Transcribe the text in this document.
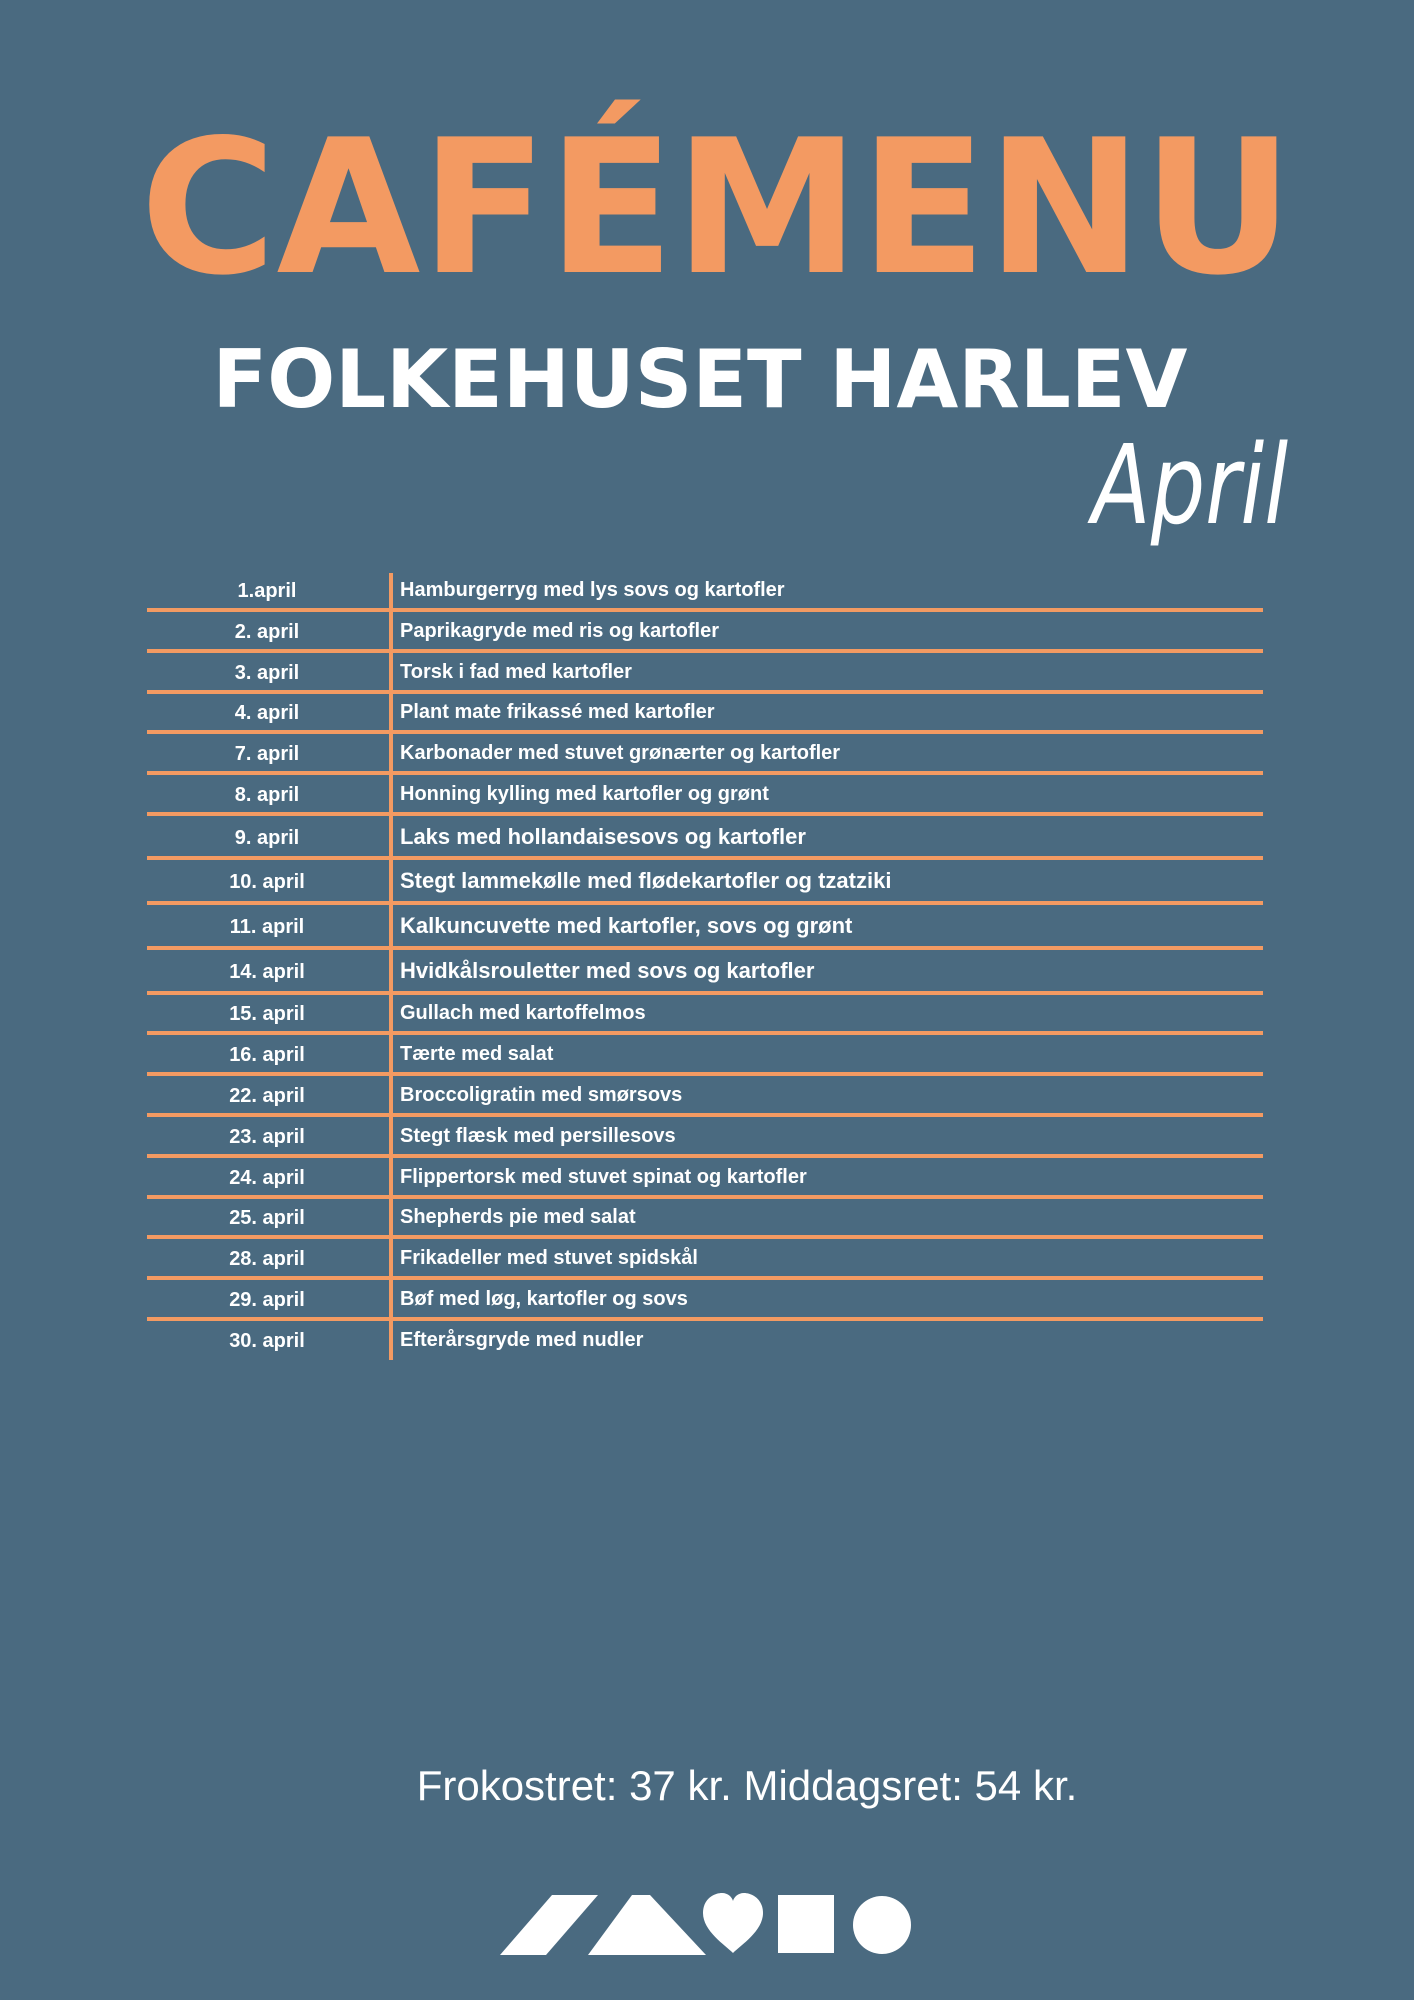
CAFÉMENU
FOLKEHUSET HARLEV
April
1.april	Hamburgerryg med lys sovs og kartofler
2. april	Paprikagryde med ris og kartofler
3. april	Torsk i fad med kartofler
4. april	Plant mate frikassé med kartofler
7. april	Karbonader med stuvet grønærter og kartofler
8. april	Honning kylling med kartofler og grønt
9. april	Laks med hollandaisesovs og kartofler
10. april	Stegt lammekølle med flødekartofler og tzatziki
11. april	Kalkuncuvette med kartofler, sovs og grønt
14. april	Hvidkålsrouletter med sovs og kartofler
15. april	Gullach med kartoffelmos
16. april	Tærte med salat
22. april	Broccoligratin med smørsovs
23. april	Stegt flæsk med persillesovs
24. april	Flippertorsk med stuvet spinat og kartofler
25. april	Shepherds pie med salat
28. april	Frikadeller med stuvet spidskål
29. april	Bøf med løg, kartofler og sovs
30. april	Efterårsgryde med nudler
Frokostret: 37 kr. Middagsret: 54 kr.
